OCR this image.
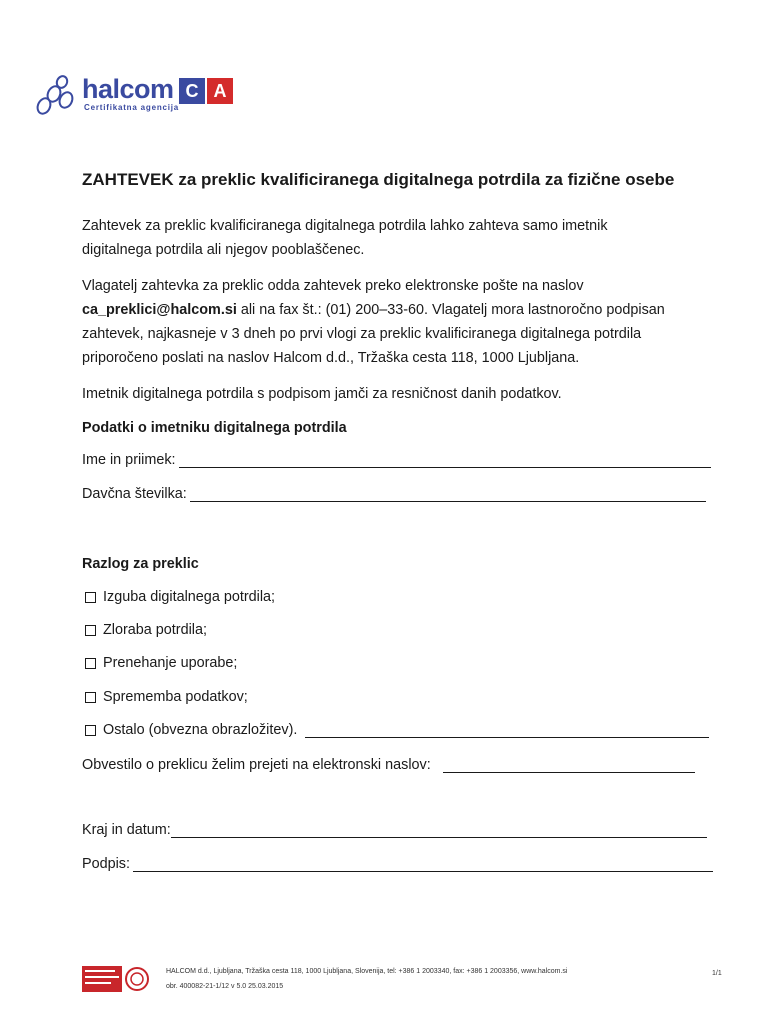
halcom
Certifikatna agencija
C A
ZAHTEVEK za preklic kvalificiranega digitalnega potrdila za fizične osebe
Zahtevek za preklic kvalificiranega digitalnega potrdila lahko zahteva samo imetnik
digitalnega potrdila ali njegov pooblaščenec.
Vlagatelj zahtevka za preklic odda zahtevek preko elektronske pošte na naslov
ca_preklici@halcom.si ali na fax št.: (01) 200–33-60. Vlagatelj mora lastnoročno podpisan
zahtevek, najkasneje v 3 dneh po prvi vlogi za preklic kvalificiranega digitalnega potrdila
priporočeno poslati na naslov Halcom d.d., Tržaška cesta 118, 1000 Ljubljana.
Imetnik digitalnega potrdila s podpisom jamči za resničnost danih podatkov.
Podatki o imetniku digitalnega potrdila
Ime in priimek:
Davčna številka:
Razlog za preklic
Izguba digitalnega potrdila;
Zloraba potrdila;
Prenehanje uporabe;
Sprememba podatkov;
Ostalo (obvezna obrazložitev).
Obvestilo o preklicu želim prejeti na elektronski naslov:
Kraj in datum:
Podpis:
HALCOM d.d., Ljubljana, Tržaška cesta 118, 1000 Ljubljana, Slovenija, tel: +386 1 2003340, fax: +386 1 2003356, www.halcom.si
obr. 400082-21-1/12 v 5.0 25.03.2015
1/1
